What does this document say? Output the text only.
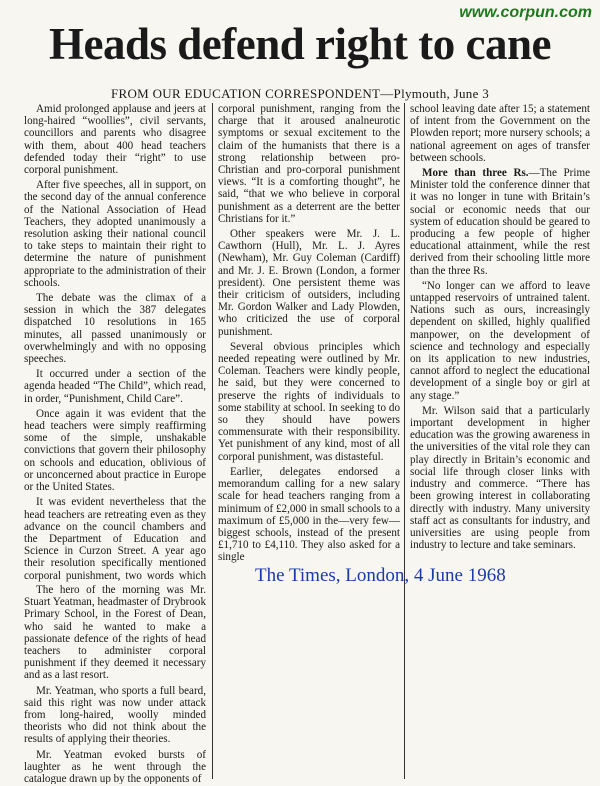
www.corpun.com
Heads defend right to cane
FROM OUR EDUCATION CORRESPONDENT—Plymouth, June 3

Amid prolonged applause and jeers at long-haired “woollies”, civil servants, councillors and parents who disagree with them, about 400 head teachers defended today their “right” to use corporal punishment.

After five speeches, all in support, on the second day of the annual conference of the National Association of Head Teachers, they adopted unanimously a resolution asking their national council to take steps to maintain their right to determine the nature of punishment appropriate to the administration of their schools.

The debate was the climax of a session in which the 387 delegates dispatched 10 resolutions in 165 minutes, all passed unanimously or overwhelmingly and with no opposing speeches.

It occurred under a section of the agenda headed “The Child”, which read, in order, “Punishment, Child Care”.

Once again it was evident that the head teachers were simply reaffirming some of the simple, unshakable convictions that govern their philosophy on schools and education, oblivious of or unconcerned about practice in Europe or the United States.

It was evident nevertheless that the head teachers are retreating even as they advance on the council chambers and the Department of Education and Science in Curzon Street. A year ago their resolution specifically mentioned corporal punishment, two words which

The hero of the morning was Mr. Stuart Yeatman, headmaster of Drybrook Primary School, in the Forest of Dean, who said he wanted to make a passionate defence of the rights of head teachers to administer corporal punishment if they deemed it necessary and as a last resort.

Mr. Yeatman, who sports a full beard, said this right was now under attack from long-haired, woolly minded theorists who did not think about the results of applying their theories.

Mr. Yeatman evoked bursts of laughter as he went through the catalogue drawn up by the opponents of

corporal punishment, ranging from the charge that it aroused analneurotic symptoms or sexual excitement to the claim of the humanists that there is a strong relationship between pro-Christian and pro-corporal punishment views. “It is a comforting thought”, he said, “that we who believe in corporal punishment as a deterrent are the better Christians for it.”

Other speakers were Mr. J. L. Cawthorn (Hull), Mr. L. J. Ayres (Newham), Mr. Guy Coleman (Cardiff) and Mr. J. E. Brown (London, a former president). One persistent theme was their criticism of outsiders, including Mr. Gordon Walker and Lady Plowden, who criticized the use of corporal punishment.

Several obvious principles which needed repeating were outlined by Mr. Coleman. Teachers were kindly people, he said, but they were concerned to preserve the rights of individuals to some stability at school. In seeking to do so they should have powers commensurate with their responsibility. Yet punishment of any kind, most of all corporal punishment, was distasteful.

Earlier, delegates endorsed a memorandum calling for a new salary scale for head teachers ranging from a minimum of £2,000 in small schools to a maximum of £5,000 in the—very few—biggest schools, instead of the present £1,710 to £4,110. They also asked for a single

school leaving date after 15; a statement of intent from the Government on the Plowden report; more nursery schools; a national agreement on ages of transfer between schools.

More than three Rs.—The Prime Minister told the conference dinner that it was no longer in tune with Britain’s social or economic needs that our system of education should be geared to producing a few people of higher educational attainment, while the rest derived from their schooling little more than the three Rs.

“No longer can we afford to leave untapped reservoirs of untrained talent. Nations such as ours, increasingly dependent on skilled, highly qualified manpower, on the development of science and technology and especially on its application to new industries, cannot afford to neglect the educational development of a single boy or girl at any stage.”

Mr. Wilson said that a particularly important development in higher education was the growing awareness in the universities of the vital role they can play directly in Britain’s economic and social life through closer links with industry and commerce. “There has been growing interest in collaborating directly with industry. Many university staff act as consultants for industry, and universities are using people from industry to lecture and take seminars.

The Times, London, 4 June 1968
